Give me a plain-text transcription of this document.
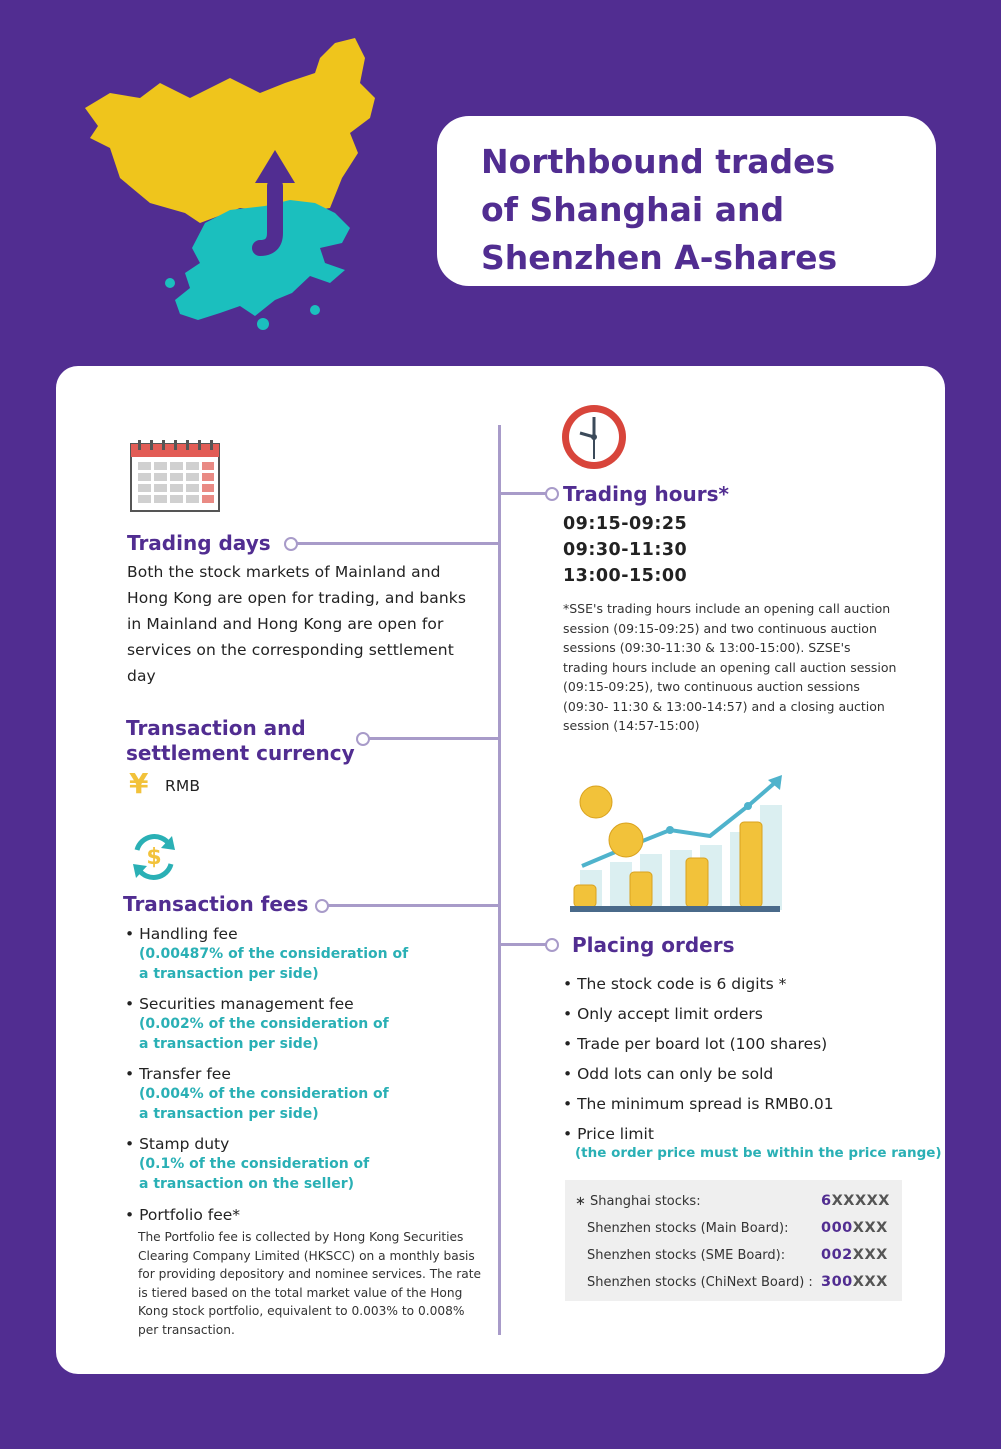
Northbound trades
of Shanghai and
Shenzhen A-shares
Trading days
Both the stock markets of Mainland and Hong Kong are open for trading, and banks in Mainland and Hong Kong are open for services on the corresponding settlement day
Transaction and
settlement currency
¥ RMB
$
Transaction fees
• Handling fee
(0.00487% of the consideration of
a transaction per side)
• Securities management fee
(0.002% of the consideration of
a transaction per side)
• Transfer fee
(0.004% of the consideration of
a transaction per side)
• Stamp duty
(0.1% of the consideration of
a transaction on the seller)
• Portfolio fee*
The Portfolio fee is collected by Hong Kong Securities Clearing Company Limited (HKSCC) on a monthly basis for providing depository and nominee services. The rate is tiered based on the total market value of the Hong Kong stock portfolio, equivalent to 0.003% to 0.008% per transaction.
Trading hours*
09:15-09:25
09:30-11:30
13:00-15:00
*SSE's trading hours include an opening call auction session (09:15-09:25) and two continuous auction sessions (09:30-11:30 & 13:00-15:00). SZSE's trading hours include an opening call auction session (09:15-09:25), two continuous auction sessions (09:30- 11:30 & 13:00-14:57) and a closing auction session (14:57-15:00)
Placing orders
• The stock code is 6 digits *
• Only accept limit orders
• Trade per board lot (100 shares)
• Odd lots can only be sold
• The minimum spread is RMB0.01
• Price limit
(the order price must be within the price range)
∗ Shanghai stocks:	6XXXXX
Shenzhen stocks (Main Board): 000XXX
Shenzhen stocks (SME Board): 002XXX
Shenzhen stocks (ChiNext Board) : 300XXX
